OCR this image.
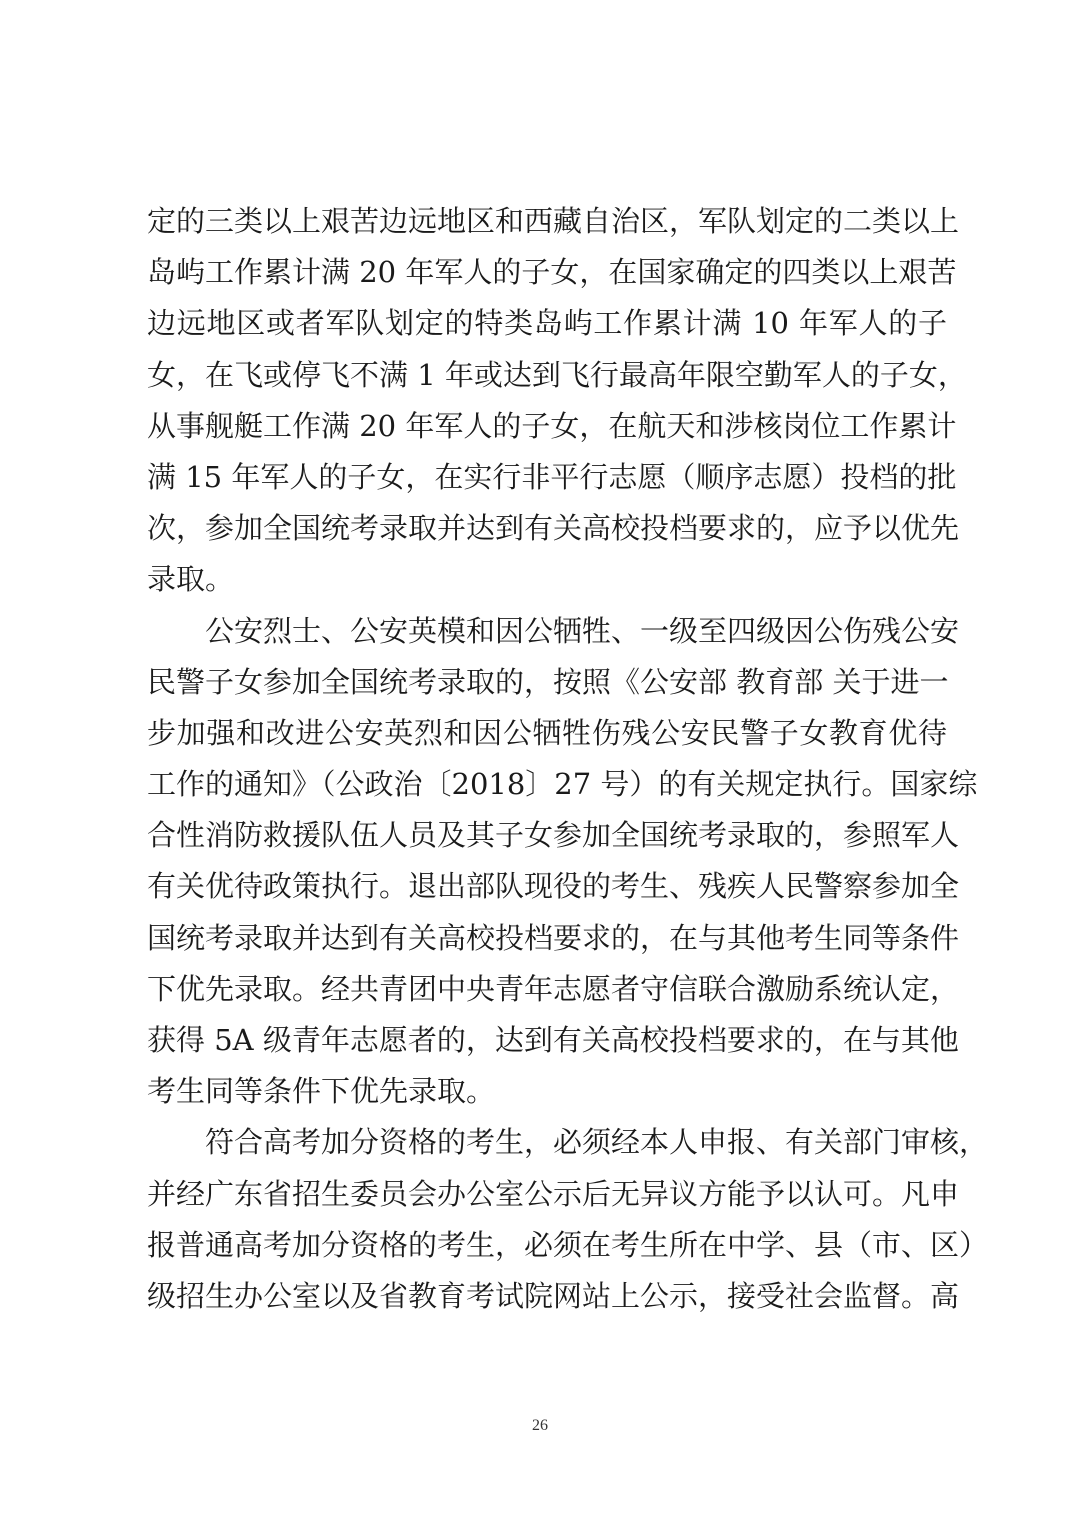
定的三类以上艰苦边远地区和西藏自治区，军队划定的二类以上
岛屿工作累计满 20 年军人的子女，在国家确定的四类以上艰苦
边远地区或者军队划定的特类岛屿工作累计满 10 年军人的子
女，在飞或停飞不满 1 年或达到飞行最高年限空勤军人的子女，
从事舰艇工作满 20 年军人的子女，在航天和涉核岗位工作累计
满 15 年军人的子女，在实行非平行志愿（顺序志愿）投档的批
次，参加全国统考录取并达到有关高校投档要求的，应予以优先
录取。
公安烈士、公安英模和因公牺牲、一级至四级因公伤残公安
民警子女参加全国统考录取的，按照《公安部 教育部 关于进一
步加强和改进公安英烈和因公牺牲伤残公安民警子女教育优待
工作的通知》（公政治〔2018〕27 号）的有关规定执行。国家综
合性消防救援队伍人员及其子女参加全国统考录取的，参照军人
有关优待政策执行。退出部队现役的考生、残疾人民警察参加全
国统考录取并达到有关高校投档要求的，在与其他考生同等条件
下优先录取。经共青团中央青年志愿者守信联合激励系统认定，
获得 5A 级青年志愿者的，达到有关高校投档要求的，在与其他
考生同等条件下优先录取。
符合高考加分资格的考生，必须经本人申报、有关部门审核，
并经广东省招生委员会办公室公示后无异议方能予以认可。凡申
报普通高考加分资格的考生，必须在考生所在中学、县（市、区）
级招生办公室以及省教育考试院网站上公示，接受社会监督。高
26
